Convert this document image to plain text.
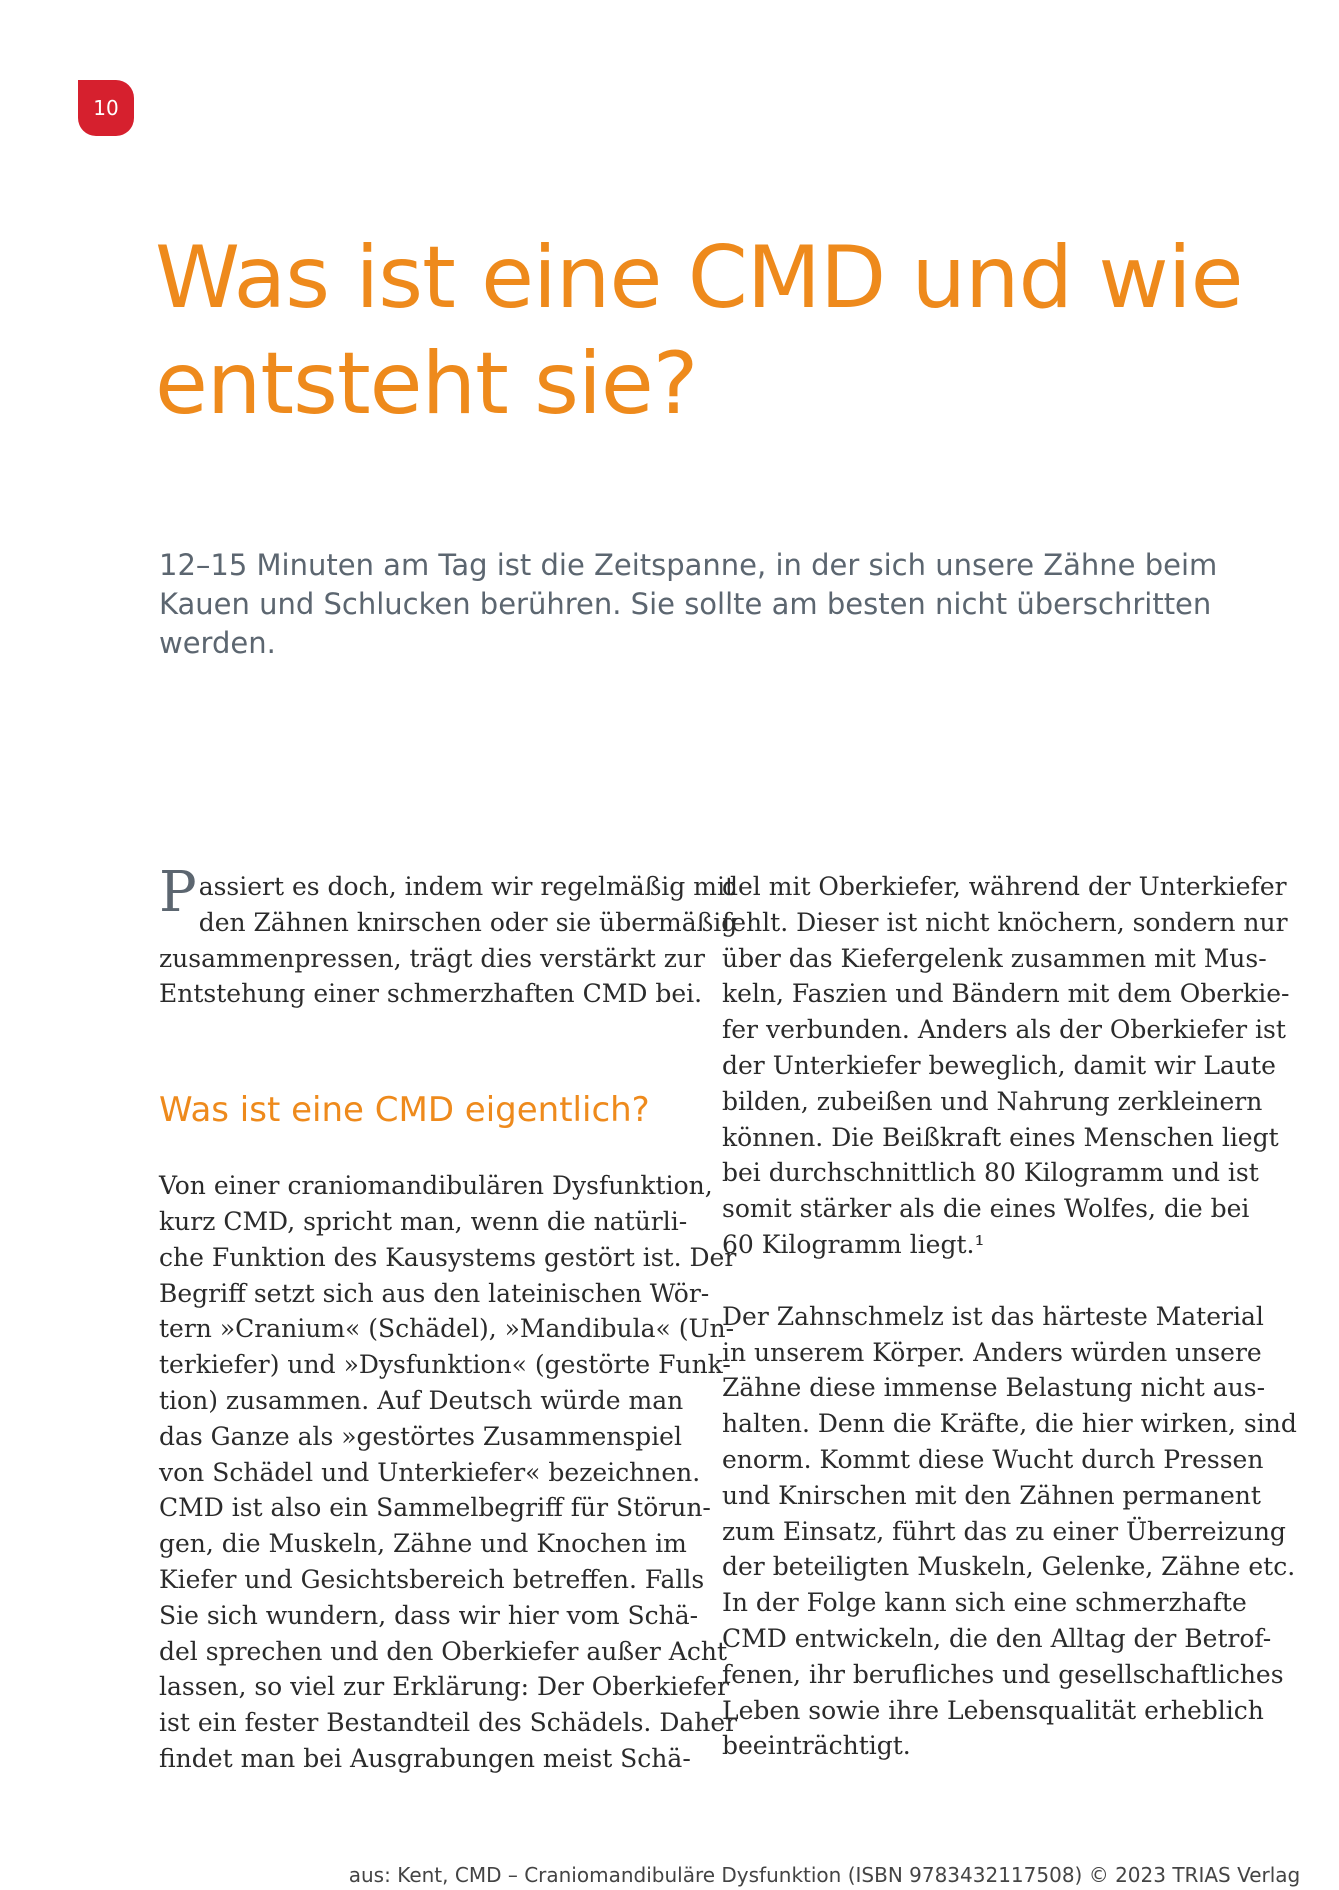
10
Was ist eine CMD und wie
entsteht sie?

12–15 Minuten am Tag ist die Zeitspanne, in der sich unsere Zähne beim
Kauen und Schlucken berühren. Sie sollte am besten nicht überschritten
werden.

P assiert es doch, indem wir regelmäßig mit
den Zähnen knirschen oder sie übermäßig
zusammenpressen, trägt dies verstärkt zur
Entstehung einer schmerzhaften CMD bei.

Was ist eine CMD eigentlich?

Von einer craniomandibulären Dysfunktion,
kurz CMD, spricht man, wenn die natürli-
che Funktion des Kausystems gestört ist. Der
Begriff setzt sich aus den lateinischen Wör-
tern »Cranium« (Schädel), »Mandibula« (Un-
terkiefer) und »Dysfunktion« (gestörte Funk-
tion) zusammen. Auf Deutsch würde man
das Ganze als »gestörtes Zusammenspiel
von Schädel und Unterkiefer« bezeichnen.
CMD ist also ein Sammelbegriff für Störun-
gen, die Muskeln, Zähne und Knochen im
Kiefer und Gesichtsbereich betreffen. Falls
Sie sich wundern, dass wir hier vom Schä-
del sprechen und den Oberkiefer außer Acht
lassen, so viel zur Erklärung: Der Oberkiefer
ist ein fester Bestandteil des Schädels. Daher
findet man bei Ausgrabungen meist Schä-

del mit Oberkiefer, während der Unterkiefer
fehlt. Dieser ist nicht knöchern, sondern nur
über das Kiefergelenk zusammen mit Mus-
keln, Faszien und Bändern mit dem Oberkie-
fer verbunden. Anders als der Oberkiefer ist
der Unterkiefer beweglich, damit wir Laute
bilden, zubeißen und Nahrung zerkleinern
können. Die Beißkraft eines Menschen liegt
bei durchschnittlich 80 Kilogramm und ist
somit stärker als die eines Wolfes, die bei
60 Kilogramm liegt.¹

Der Zahnschmelz ist das härteste Material
in unserem Körper. Anders würden unsere
Zähne diese immense Belastung nicht aus-
halten. Denn die Kräfte, die hier wirken, sind
enorm. Kommt diese Wucht durch Pressen
und Knirschen mit den Zähnen permanent
zum Einsatz, führt das zu einer Überreizung
der beteiligten Muskeln, Gelenke, Zähne etc.
In der Folge kann sich eine schmerzhafte
CMD entwickeln, die den Alltag der Betrof-
fenen, ihr berufliches und gesellschaftliches
Leben sowie ihre Lebensqualität erheblich
beeinträchtigt.

aus: Kent, CMD – Craniomandibuläre Dysfunktion (ISBN 9783432117508) © 2023 TRIAS Verlag
